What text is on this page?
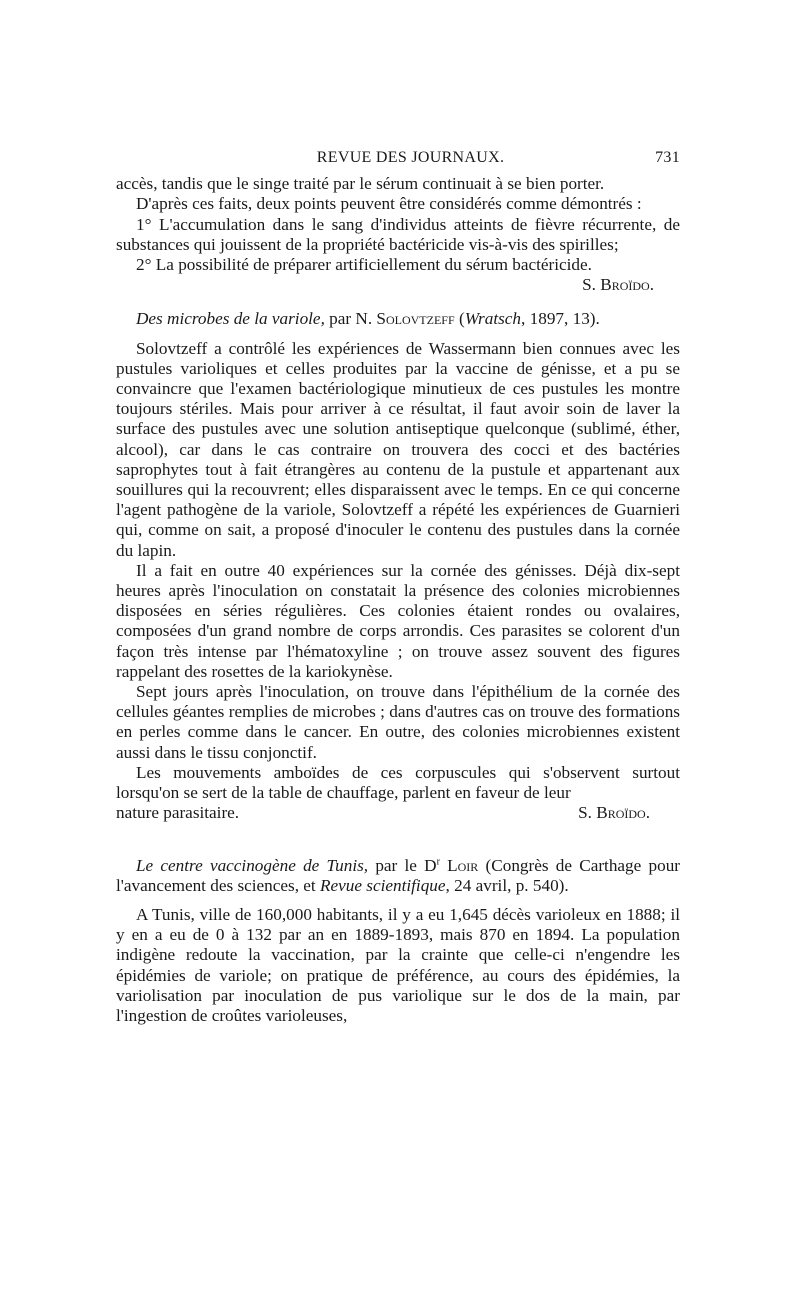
REVUE DES JOURNAUX.	731

accès, tandis que le singe traité par le sérum continuait à se bien porter.

D'après ces faits, deux points peuvent être considérés comme démontrés :

1° L'accumulation dans le sang d'individus atteints de fièvre récurrente, de substances qui jouissent de la propriété bactéricide vis-à-vis des spirilles;

2° La possibilité de préparer artificiellement du sérum bactéricide.

S. Broïdo.

Des microbes de la variole, par N. Solovtzeff (Wratsch, 1897, 13).

Solovtzeff a contrôlé les expériences de Wassermann bien connues avec les pustules varioliques et celles produites par la vaccine de génisse, et a pu se convaincre que l'examen bactériologique minutieux de ces pustules les montre toujours stériles. Mais pour arriver à ce résultat, il faut avoir soin de laver la surface des pustules avec une solution antiseptique quelconque (sublimé, éther, alcool), car dans le cas contraire on trouvera des cocci et des bactéries saprophytes tout à fait étrangères au contenu de la pustule et appartenant aux souillures qui la recouvrent; elles disparaissent avec le temps. En ce qui concerne l'agent pathogène de la variole, Solovtzeff a répété les expériences de Guarnieri qui, comme on sait, a proposé d'inoculer le contenu des pustules dans la cornée du lapin.

Il a fait en outre 40 expériences sur la cornée des génisses. Déjà dix-sept heures après l'inoculation on constatait la présence des colonies microbiennes disposées en séries régulières. Ces colonies étaient rondes ou ovalaires, composées d'un grand nombre de corps arrondis. Ces parasites se colorent d'un façon très intense par l'hématoxyline ; on trouve assez souvent des figures rappelant des rosettes de la kariokynèse.

Sept jours après l'inoculation, on trouve dans l'épithélium de la cornée des cellules géantes remplies de microbes ; dans d'autres cas on trouve des formations en perles comme dans le cancer. En outre, des colonies microbiennes existent aussi dans le tissu conjonctif.

Les mouvements amboïdes de ces corpuscules qui s'observent surtout lorsqu'on se sert de la table de chauffage, parlent en faveur de leur

nature parasitaire.	S. Broïdo.

Le centre vaccinogène de Tunis, par le $D^r$ Loir (Congrès de Carthage pour l'avancement des sciences, et Revue scientifique, 24 avril, p. 540).

A Tunis, ville de 160,000 habitants, il y a eu 1,645 décès varioleux en 1888; il y en a eu de 0 à 132 par an en 1889-1893, mais 870 en 1894. La population indigène redoute la vaccination, par la crainte que celle-ci n'engendre les épidémies de variole; on pratique de préférence, au cours des épidémies, la variolisation par inoculation de pus variolique sur le dos de la main, par l'ingestion de croûtes varioleuses,
